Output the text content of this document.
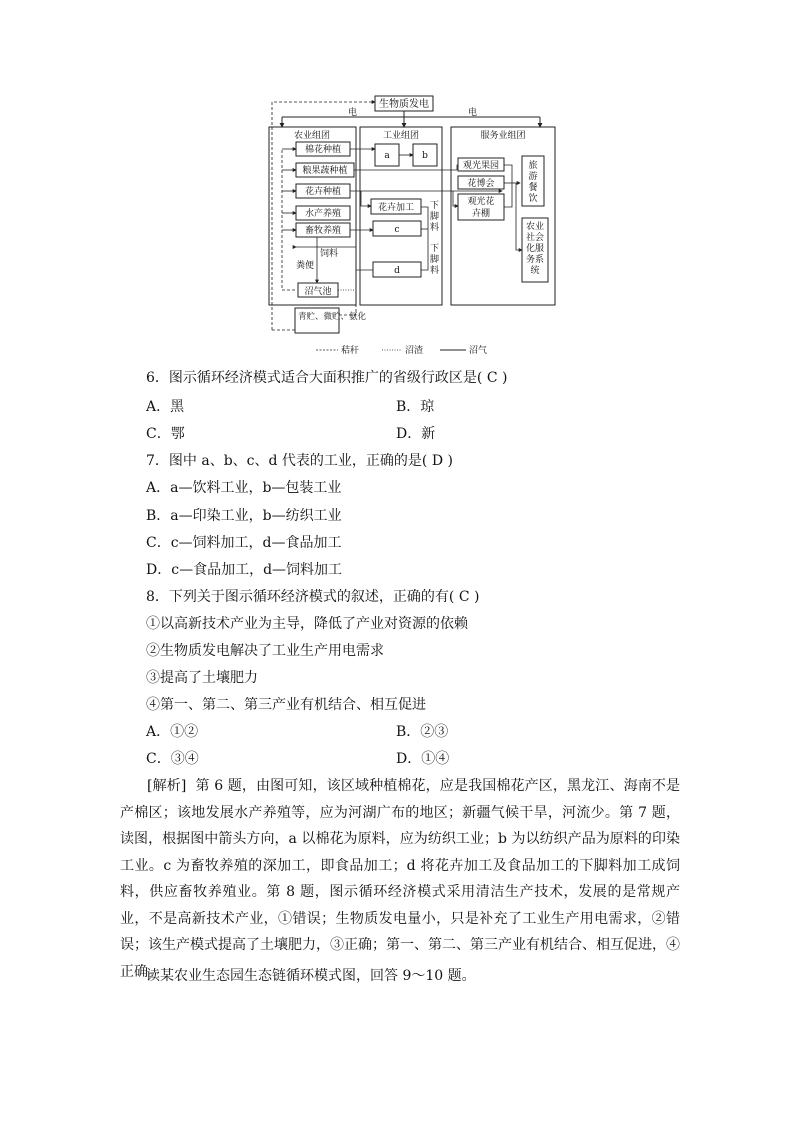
生物质发电
电	电
农业组团	工业组团	服务业组团
棉花种植
粮果蔬种植
花卉种植
水产养殖
畜牧养殖
饲料
粪便
沼气池
青贮、微贮、氨化
a	b
花卉加工
c
d
下脚料
下脚料
观光果园
花博会
观光花卉棚
旅游餐饮
农业社会化服务系统
秸秆	沼渣	沼气
6．图示循环经济模式适合大面积推广的省级行政区是( C )
A．黑	B．琼
C．鄂	D．新
7．图中 a、b、c、d 代表的工业，正确的是( D )
A．a—饮料工业，b—包装工业
B．a—印染工业，b—纺织工业
C．c—饲料加工，d—食品加工
D．c—食品加工，d—饲料加工
8．下列关于图示循环经济模式的叙述，正确的有( C )
①以高新技术产业为主导，降低了产业对资源的依赖
②生物质发电解决了工业生产用电需求
③提高了土壤肥力
④第一、第二、第三产业有机结合、相互促进
A．①②	B．②③
C．③④	D．①④
[解析] 第 6 题，由图可知，该区域种植棉花，应是我国棉花产区，黑龙江、海南不是产棉区；该地发展水产养殖等，应为河湖广布的地区；新疆气候干旱，河流少。第 7 题，读图，根据图中箭头方向，a 以棉花为原料，应为纺织工业；b 为以纺织产品为原料的印染工业。c 为畜牧养殖的深加工，即食品加工；d 将花卉加工及食品加工的下脚料加工成饲料，供应畜牧养殖业。第 8 题，图示循环经济模式采用清洁生产技术，发展的是常规产业，不是高新技术产业，①错误；生物质发电量小，只是补充了工业生产用电需求，②错误；该生产模式提高了土壤肥力，③正确；第一、第二、第三产业有机结合、相互促进，④正确。
读某农业生态园生态链循环模式图，回答 9～10 题。
